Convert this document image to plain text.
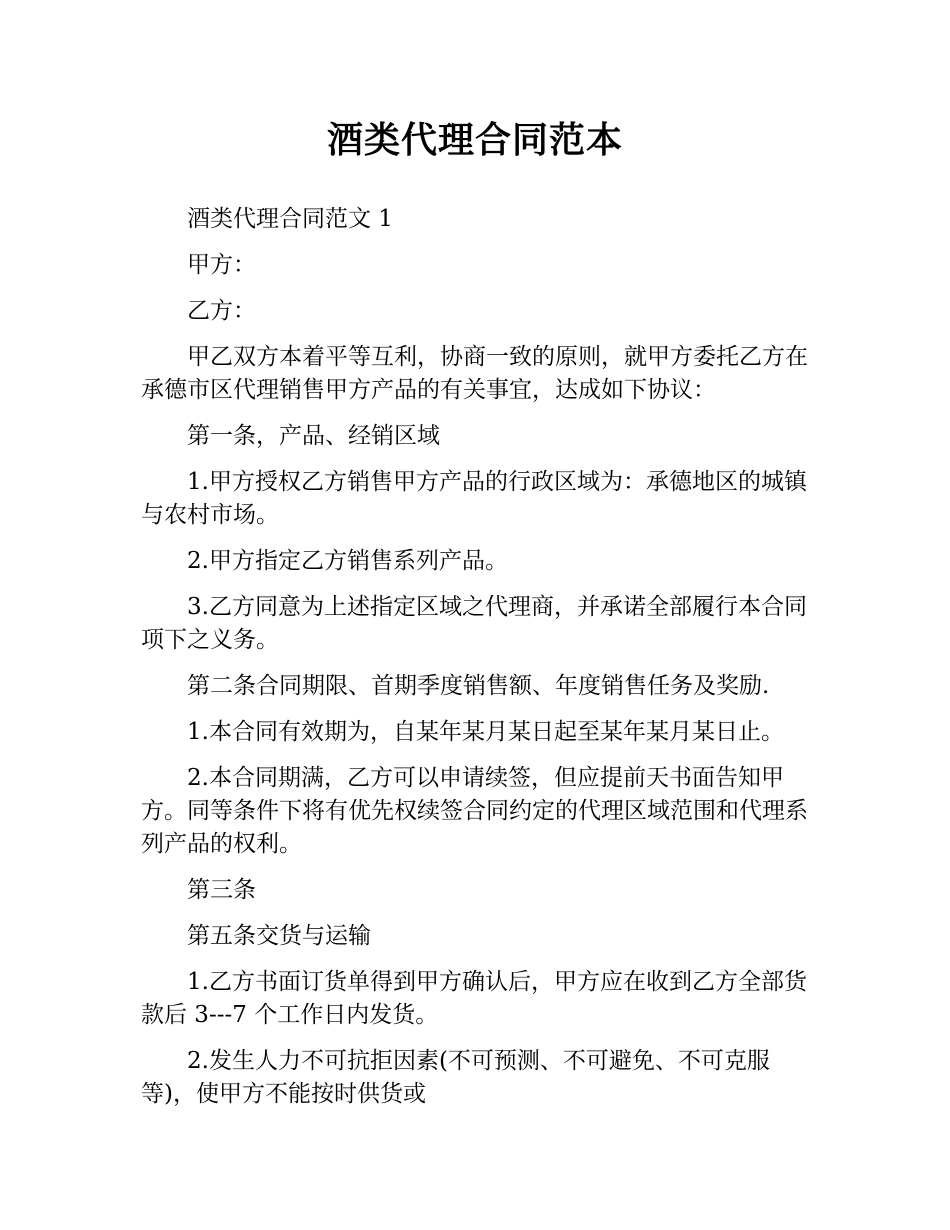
酒类代理合同范本

酒类代理合同范文 1

甲方：

乙方：

甲乙双方本着平等互利，协商一致的原则，就甲方委托乙方在承德市区代理销售甲方产品的有关事宜，达成如下协议：

第一条，产品、经销区域

1.甲方授权乙方销售甲方产品的行政区域为：承德地区的城镇与农村市场。

2.甲方指定乙方销售系列产品。

3.乙方同意为上述指定区域之代理商，并承诺全部履行本合同项下之义务。

第二条合同期限、首期季度销售额、年度销售任务及奖励.

1.本合同有效期为，自某年某月某日起至某年某月某日止。

2.本合同期满，乙方可以申请续签，但应提前天书面告知甲方。同等条件下将有优先权续签合同约定的代理区域范围和代理系列产品的权利。

第三条

第五条交货与运输

1.乙方书面订货单得到甲方确认后，甲方应在收到乙方全部货款后 3---7 个工作日内发货。

2.发生人力不可抗拒因素(不可预测、不可避免、不可克服等)，使甲方不能按时供货或
